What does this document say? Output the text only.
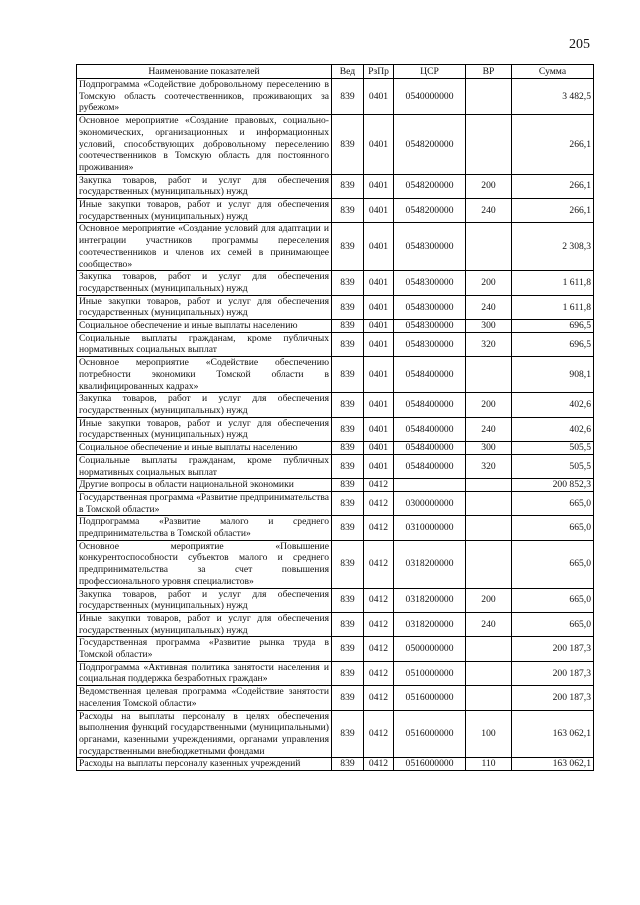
205
Наименование показателей	Вед	РзПр	ЦСР	ВР	Сумма
Подпрограмма «Содействие добровольному переселению в Томскую область соотечественников, проживающих за рубежом»	839	0401	0540000000		3 482,5
Основное мероприятие «Создание правовых, социально-экономических, организационных и информационных условий, способствующих добровольному переселению соотечественников в Томскую область для постоянного проживания»	839	0401	0548200000		266,1
Закупка товаров, работ и услуг для обеспечения государственных (муниципальных) нужд	839	0401	0548200000	200	266,1
Иные закупки товаров, работ и услуг для обеспечения государственных (муниципальных) нужд	839	0401	0548200000	240	266,1
Основное мероприятие «Создание условий для адаптации и интеграции участников программы переселения соотечественников и членов их семей в принимающее сообщество»	839	0401	0548300000		2 308,3
Закупка товаров, работ и услуг для обеспечения государственных (муниципальных) нужд	839	0401	0548300000	200	1 611,8
Иные закупки товаров, работ и услуг для обеспечения государственных (муниципальных) нужд	839	0401	0548300000	240	1 611,8
Социальное обеспечение и иные выплаты населению	839	0401	0548300000	300	696,5
Социальные выплаты гражданам, кроме публичных нормативных социальных выплат	839	0401	0548300000	320	696,5
Основное мероприятие «Содействие обеспечению потребности экономики Томской области в квалифицированных кадрах»	839	0401	0548400000		908,1
Закупка товаров, работ и услуг для обеспечения государственных (муниципальных) нужд	839	0401	0548400000	200	402,6
Иные закупки товаров, работ и услуг для обеспечения государственных (муниципальных) нужд	839	0401	0548400000	240	402,6
Социальное обеспечение и иные выплаты населению	839	0401	0548400000	300	505,5
Социальные выплаты гражданам, кроме публичных нормативных социальных выплат	839	0401	0548400000	320	505,5
Другие вопросы в области национальной экономики	839	0412			200 852,3
Государственная программа «Развитие предпринимательства в Томской области»	839	0412	0300000000		665,0
Подпрограмма «Развитие малого и среднего предпринимательства в Томской области»	839	0412	0310000000		665,0
Основное мероприятие «Повышение конкурентоспособности субъектов малого и среднего предпринимательства за счет повышения профессионального уровня специалистов»	839	0412	0318200000		665,0
Закупка товаров, работ и услуг для обеспечения государственных (муниципальных) нужд	839	0412	0318200000	200	665,0
Иные закупки товаров, работ и услуг для обеспечения государственных (муниципальных) нужд	839	0412	0318200000	240	665,0
Государственная программа «Развитие рынка труда в Томской области»	839	0412	0500000000		200 187,3
Подпрограмма «Активная политика занятости населения и социальная поддержка безработных граждан»	839	0412	0510000000		200 187,3
Ведомственная целевая программа «Содействие занятости населения Томской области»	839	0412	0516000000		200 187,3
Расходы на выплаты персоналу в целях обеспечения выполнения функций государственными (муниципальными) органами, казенными учреждениями, органами управления государственными внебюджетными фондами	839	0412	0516000000	100	163 062,1
Расходы на выплаты персоналу казенных учреждений	839	0412	0516000000	110	163 062,1
